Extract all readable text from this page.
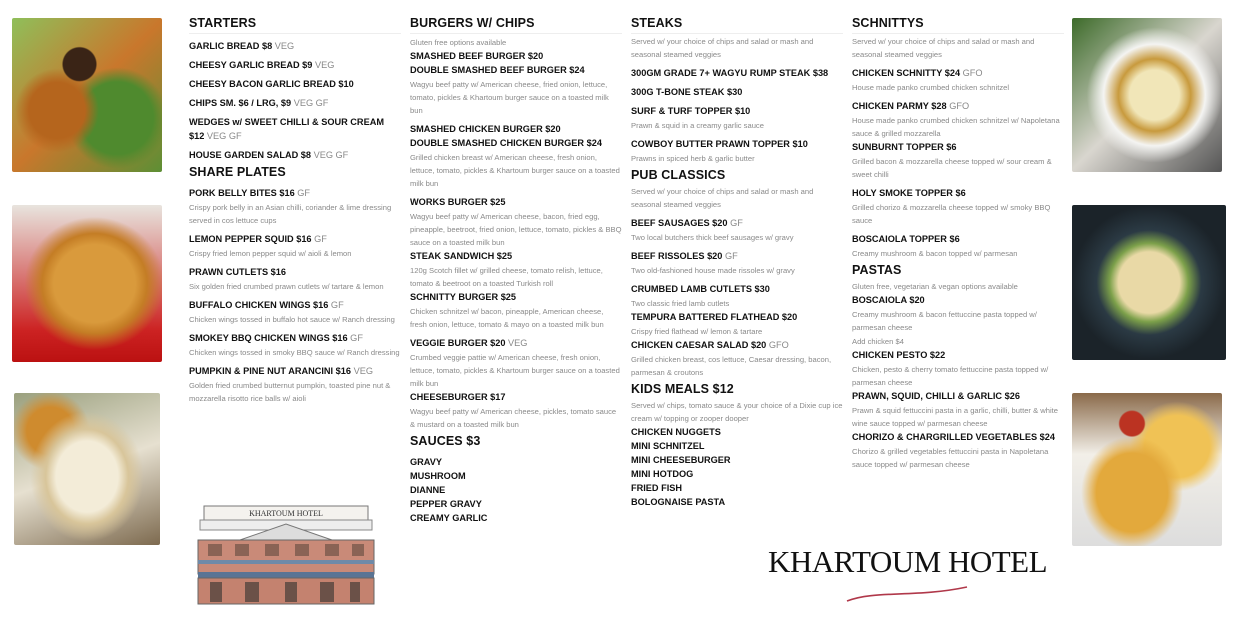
STARTERS
GARLIC BREAD $8 VEG
CHEESY GARLIC BREAD $9 VEG
CHEESY BACON GARLIC BREAD $10
CHIPS SM. $6 / LRG, $9 VEG GF
WEDGES w/ SWEET CHILLI & SOUR CREAM $12 VEG GF
HOUSE GARDEN SALAD $8 VEG GF
SHARE PLATES
PORK BELLY BITES $16 GF
Crispy pork belly in an Asian chilli, coriander & lime dressing served in cos lettuce cups
LEMON PEPPER SQUID $16 GF
Crispy fried lemon pepper squid w/ aioli & lemon
PRAWN CUTLETS $16
Six golden fried crumbed prawn cutlets w/ tartare & lemon
BUFFALO CHICKEN WINGS $16 GF
Chicken wings tossed in buffalo hot sauce w/ Ranch dressing
SMOKEY BBQ CHICKEN WINGS $16 GF
Chicken wings tossed in smoky BBQ sauce w/ Ranch dressing
PUMPKIN & PINE NUT ARANCINI $16 VEG
Golden fried crumbed butternut pumpkin, toasted pine nut & mozzarella risotto rice balls w/ aioli
BURGERS W/ CHIPS
Gluten free options available
SMASHED BEEF BURGER $20
DOUBLE SMASHED BEEF BURGER $24
Wagyu beef patty w/ American cheese, fried onion, lettuce, tomato, pickles & Khartoum burger sauce on a toasted milk bun
SMASHED CHICKEN BURGER $20
DOUBLE SMASHED CHICKEN BURGER $24
Grilled chicken breast w/ American cheese, fresh onion, lettuce, tomato, pickles & Khartoum burger sauce on a toasted milk bun
WORKS BURGER $25
Wagyu beef patty w/ American cheese, bacon, fried egg, pineapple, beetroot, fried onion, lettuce, tomato, pickles & BBQ sauce on a toasted milk bun
STEAK SANDWICH $25
120g Scotch fillet w/ grilled cheese, tomato relish, lettuce, tomato & beetroot on a toasted Turkish roll
SCHNITTY BURGER $25
Chicken schnitzel w/ bacon, pineapple, American cheese, fresh onion, lettuce, tomato & mayo on a toasted milk bun
VEGGIE BURGER $20 VEG
Crumbed veggie pattie w/ American cheese, fresh onion, lettuce, tomato, pickles & Khartoum burger sauce on a toasted milk bun
CHEESEBURGER $17
Wagyu beef patty w/ American cheese, pickles, tomato sauce & mustard on a toasted milk bun
SAUCES $3
GRAVY
MUSHROOM
DIANNE
PEPPER GRAVY
CREAMY GARLIC
STEAKS
Served w/ your choice of chips and salad or mash and seasonal steamed veggies
300GM GRADE 7+ WAGYU RUMP STEAK $38
300G T-BONE STEAK $30
SURF & TURF TOPPER $10
Prawn & squid in a creamy garlic sauce
COWBOY BUTTER PRAWN TOPPER $10
Prawns in spiced herb & garlic butter
PUB CLASSICS
Served w/ your choice of chips and salad or mash and seasonal steamed veggies
BEEF SAUSAGES $20 GF
Two local butchers thick beef sausages w/ gravy
BEEF RISSOLES $20 GF
Two old-fashioned house made rissoles w/ gravy
CRUMBED LAMB CUTLETS $30
Two classic fried lamb cutlets
TEMPURA BATTERED FLATHEAD $20
Crispy fried flathead w/ lemon & tartare
CHICKEN CAESAR SALAD $20 GFO
Grilled chicken breast, cos lettuce, Caesar dressing, bacon, parmesan & croutons
KIDS MEALS $12
Served w/ chips, tomato sauce & your choice of a Dixie cup ice cream w/ topping or zooper dooper
CHICKEN NUGGETS
MINI SCHNITZEL
MINI CHEESEBURGER
MINI HOTDOG
FRIED FISH
BOLOGNAISE PASTA
SCHNITTYS
Served w/ your choice of chips and salad or mash and seasonal steamed veggies
CHICKEN SCHNITTY $24 GFO
House made panko crumbed chicken schnitzel
CHICKEN PARMY $28 GFO
House made panko crumbed chicken schnitzel w/ Napoletana sauce & grilled mozzarella
SUNBURNT TOPPER $6
Grilled bacon & mozzarella cheese topped w/ sour cream & sweet chilli
HOLY SMOKE TOPPER $6
Grilled chorizo & mozzarella cheese topped w/ smoky BBQ sauce
BOSCAIOLA TOPPER $6
Creamy mushroom & bacon topped w/ parmesan
PASTAS
Gluten free, vegetarian & vegan options available
BOSCAIOLA $20
Creamy mushroom & bacon fettuccine pasta topped w/ parmesan cheese
Add chicken $4
CHICKEN PESTO $22
Chicken, pesto & cherry tomato fettuccine pasta topped w/ parmesan cheese
PRAWN, SQUID, CHILLI & GARLIC $26
Prawn & squid fettuccini pasta in a garlic, chilli, butter & white wine sauce topped w/ parmesan cheese
CHORIZO & CHARGRILLED VEGETABLES $24
Chorizo & grilled vegetables fettuccini pasta in Napoletana sauce topped w/ parmesan cheese
KHARTOUM HOTEL
KHARTOUM HOTEL
